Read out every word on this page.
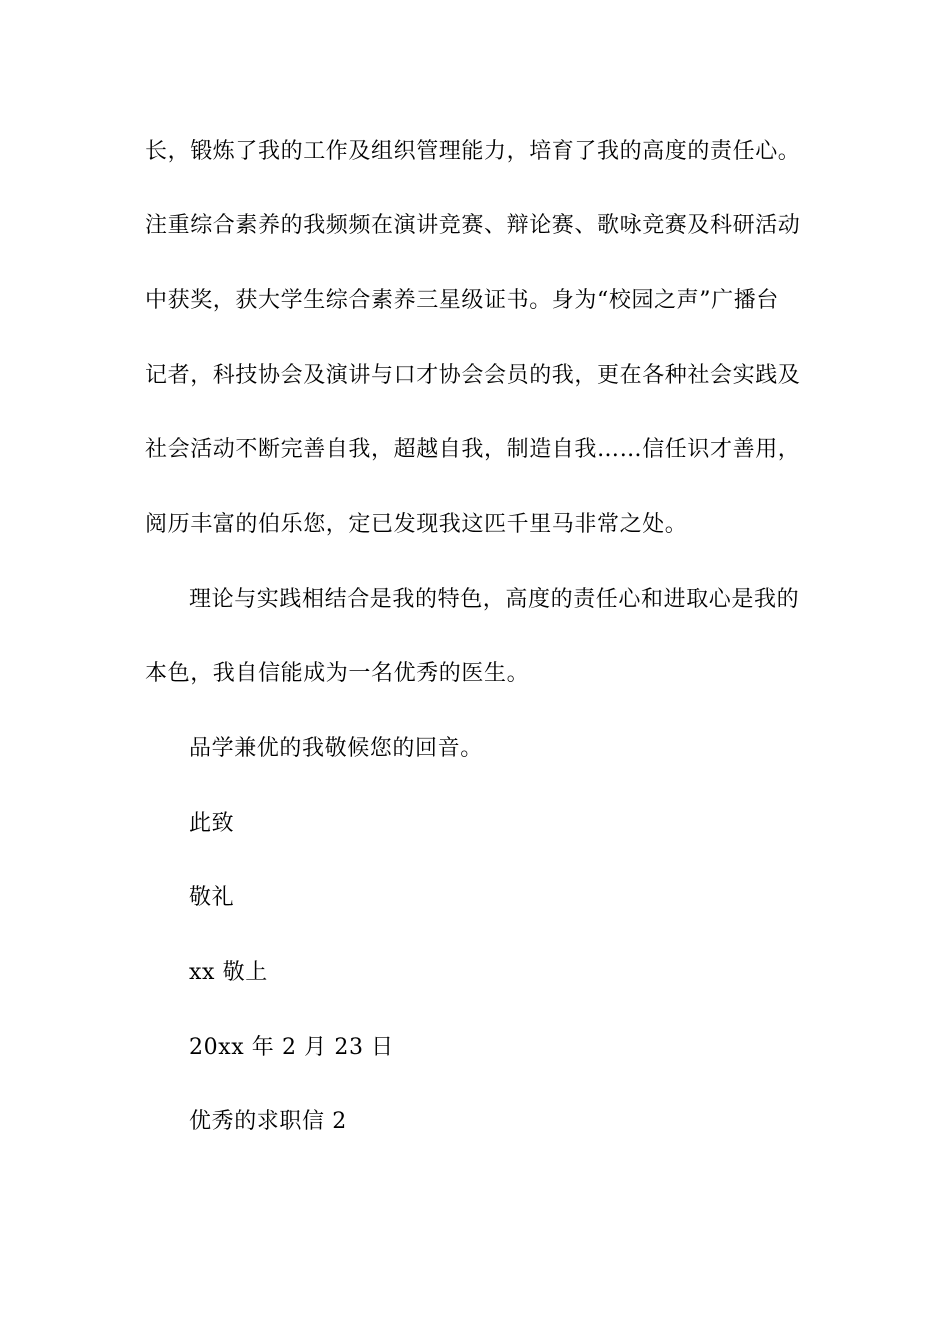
长，锻炼了我的工作及组织管理能力，培育了我的高度的责任心。
注重综合素养的我频频在演讲竞赛、辩论赛、歌咏竞赛及科研活动
中获奖，获大学生综合素养三星级证书。身为“校园之声”广播台
记者，科技协会及演讲与口才协会会员的我，更在各种社会实践及
社会活动不断完善自我，超越自我，制造自我……信任识才善用，
阅历丰富的伯乐您，定已发现我这匹千里马非常之处。
理论与实践相结合是我的特色，高度的责任心和进取心是我的
本色，我自信能成为一名优秀的医生。
品学兼优的我敬候您的回音。
此致
敬礼
xx 敬上
20xx 年 2 月 23 日
优秀的求职信 2
